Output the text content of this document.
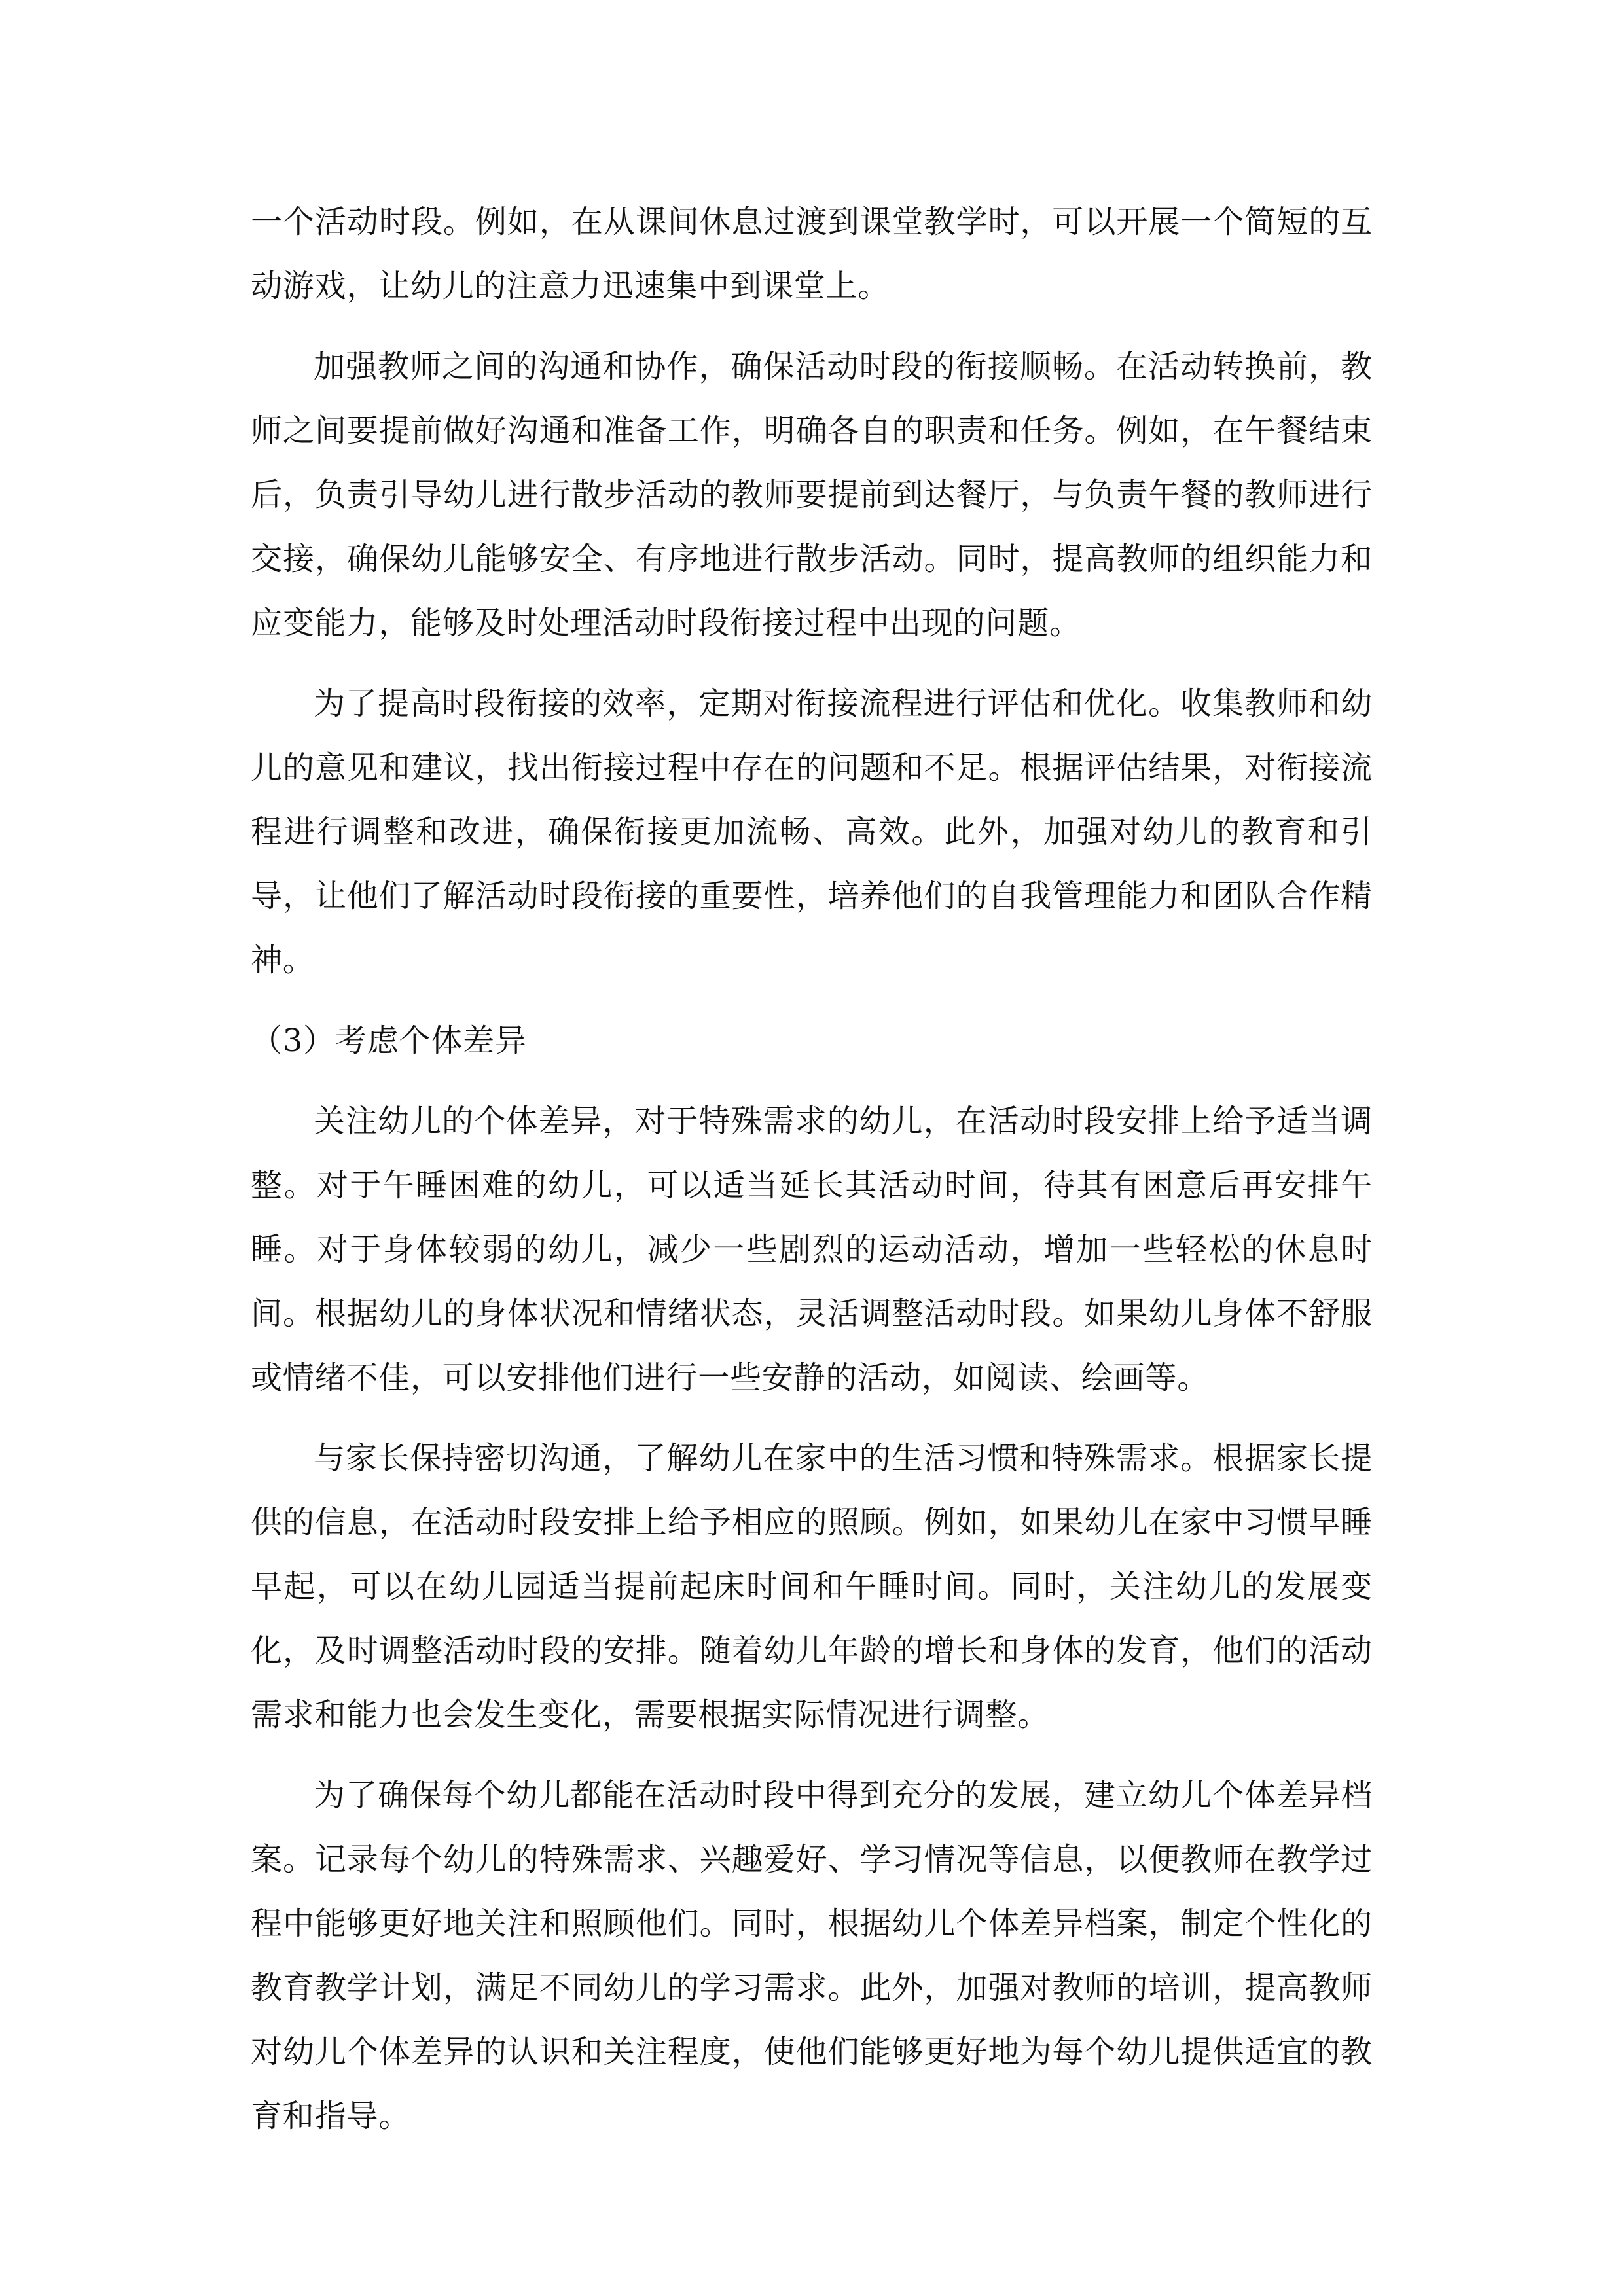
一个活动时段。例如，在从课间休息过渡到课堂教学时，可以开展一个简短的互动游戏，让幼儿的注意力迅速集中到课堂上。

加强教师之间的沟通和协作，确保活动时段的衔接顺畅。在活动转换前，教师之间要提前做好沟通和准备工作，明确各自的职责和任务。例如，在午餐结束后，负责引导幼儿进行散步活动的教师要提前到达餐厅，与负责午餐的教师进行交接，确保幼儿能够安全、有序地进行散步活动。同时，提高教师的组织能力和应变能力，能够及时处理活动时段衔接过程中出现的问题。

为了提高时段衔接的效率，定期对衔接流程进行评估和优化。收集教师和幼儿的意见和建议，找出衔接过程中存在的问题和不足。根据评估结果，对衔接流程进行调整和改进，确保衔接更加流畅、高效。此外，加强对幼儿的教育和引导，让他们了解活动时段衔接的重要性，培养他们的自我管理能力和团队合作精神。

（3）考虑个体差异

关注幼儿的个体差异，对于特殊需求的幼儿，在活动时段安排上给予适当调整。对于午睡困难的幼儿，可以适当延长其活动时间，待其有困意后再安排午睡。对于身体较弱的幼儿，减少一些剧烈的运动活动，增加一些轻松的休息时间。根据幼儿的身体状况和情绪状态，灵活调整活动时段。如果幼儿身体不舒服或情绪不佳，可以安排他们进行一些安静的活动，如阅读、绘画等。

与家长保持密切沟通，了解幼儿在家中的生活习惯和特殊需求。根据家长提供的信息，在活动时段安排上给予相应的照顾。例如，如果幼儿在家中习惯早睡早起，可以在幼儿园适当提前起床时间和午睡时间。同时，关注幼儿的发展变化，及时调整活动时段的安排。随着幼儿年龄的增长和身体的发育，他们的活动需求和能力也会发生变化，需要根据实际情况进行调整。

为了确保每个幼儿都能在活动时段中得到充分的发展，建立幼儿个体差异档案。记录每个幼儿的特殊需求、兴趣爱好、学习情况等信息，以便教师在教学过程中能够更好地关注和照顾他们。同时，根据幼儿个体差异档案，制定个性化的教育教学计划，满足不同幼儿的学习需求。此外，加强对教师的培训，提高教师对幼儿个体差异的认识和关注程度，使他们能够更好地为每个幼儿提供适宜的教育和指导。
